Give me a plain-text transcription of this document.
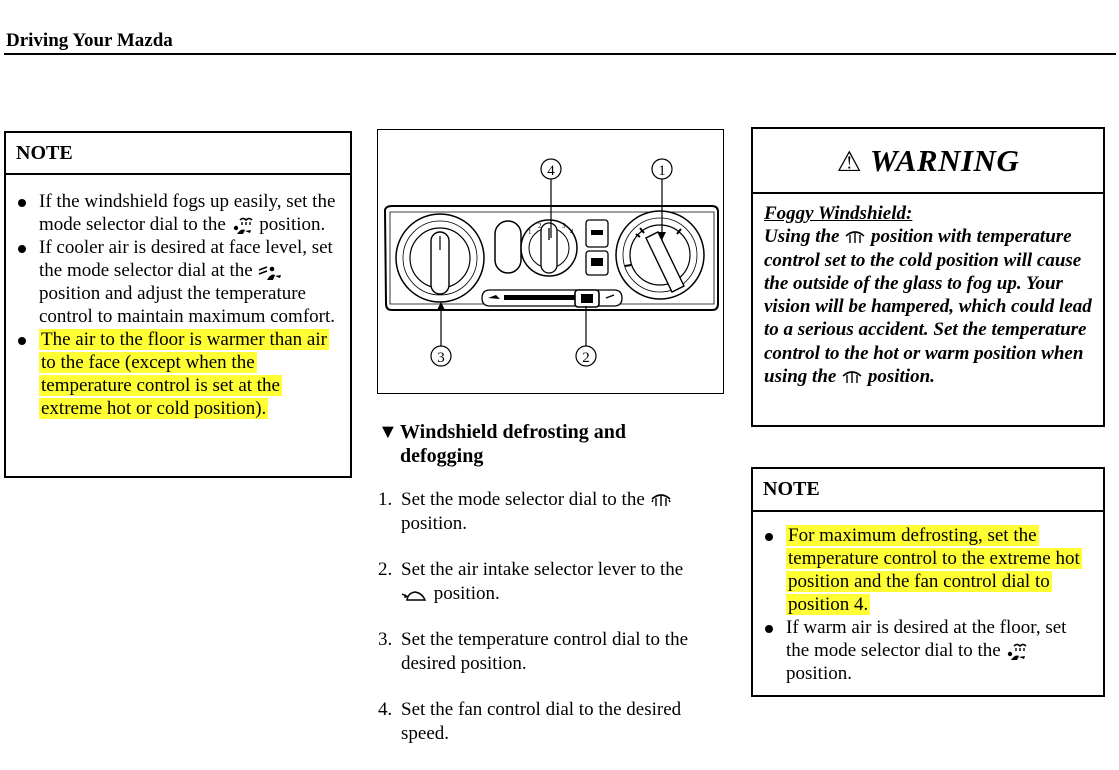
Driving Your Mazda
NOTE
If the windshield fogs up easily, set the mode selector dial to the
position.
If cooler air is desired at face level, set the mode selector dial at the
position and adjust the temperature control to maintain maximum comfort.
The air to the floor is warmer than air to the face (except when the temperature control is set at the extreme hot or cold position).
4	1
3	2
1
2	3
4
▼ Windshield defrosting and
defogging
1. Set the mode selector dial to the
position.
2. Set the air intake selector lever to the
position.
3. Set the temperature control dial to the desired position.
4. Set the fan control dial to the desired speed.
⚠ WARNING
Foggy Windshield:
Using the
position with temperature control set to the cold position will cause the outside of the glass to fog up. Your vision will be hampered, which could lead to a serious accident. Set the temperature control to the hot or warm position when using the
position.
NOTE
For maximum defrosting, set the temperature control to the extreme hot position and the fan control dial to position 4.
If warm air is desired at the floor, set the mode selector dial to the
position.
